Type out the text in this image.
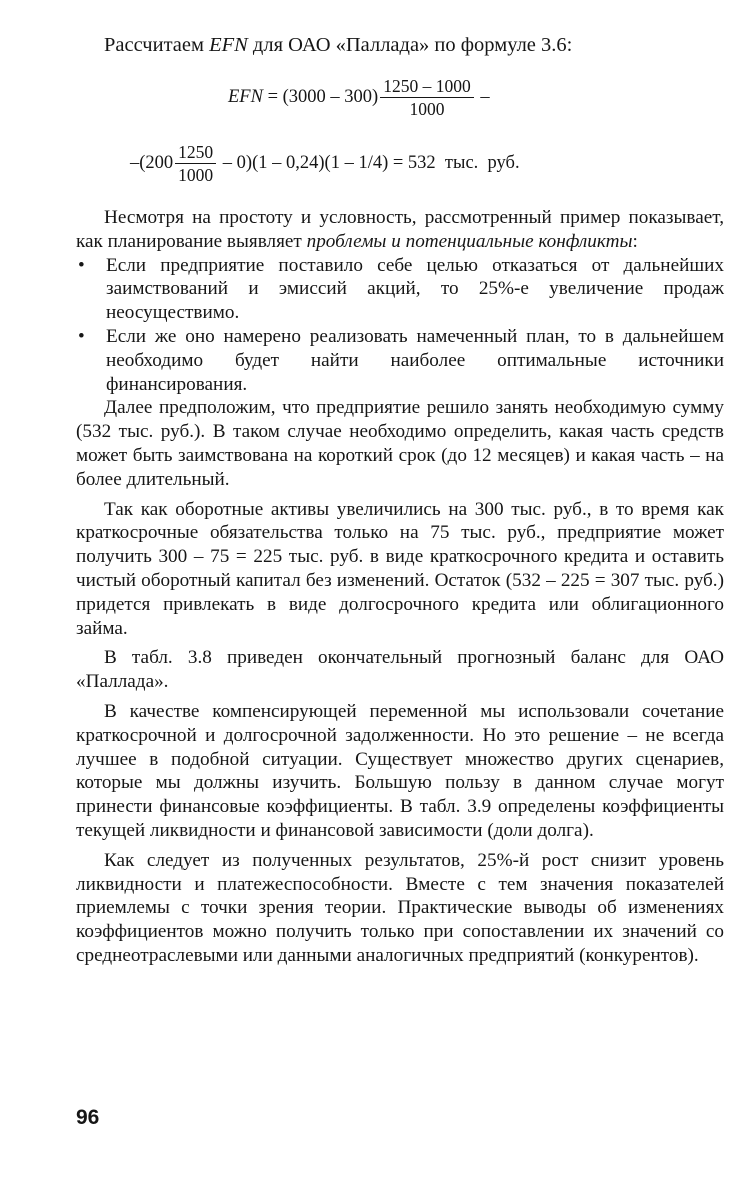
Рассчитаем EFN для ОАО «Паллада» по формуле 3.6:
EFN = $(3000 - 300) \frac{1250 - 1000}{1000}$ –
$-(200 \frac{1250}{1000} - 0)(1 - 0,24)(1 - 1/4) = 532$  тыс.  руб.

Несмотря на простоту и условность, рассмотренный пример показывает, как планирование выявляет проблемы и потенциальные конфликты:

• Если предприятие поставило себе целью отказаться от дальнейших заимствований и эмиссий акций, то 25%-е увеличение продаж неосуществимо.

• Если же оно намерено реализовать намеченный план, то в дальнейшем необходимо будет найти наиболее оптимальные источники финансирования.

Далее предположим, что предприятие решило занять необходимую сумму (532 тыс. руб.). В таком случае необходимо определить, какая часть средств может быть заимствована на короткий срок (до 12 месяцев) и какая часть – на более длительный.

Так как оборотные активы увеличились на 300 тыс. руб., в то время как краткосрочные обязательства только на 75 тыс. руб., предприятие может получить 300 – 75 = 225 тыс. руб. в виде краткосрочного кредита и оставить чистый оборотный капитал без изменений. Остаток (532 – 225 = 307 тыс. руб.) придется привлекать в виде долгосрочного кредита или облигационного займа.

В табл. 3.8 приведен окончательный прогнозный баланс для ОАО «Паллада».

В качестве компенсирующей переменной мы использовали сочетание краткосрочной и долгосрочной задолженности. Но это решение – не всегда лучшее в подобной ситуации. Существует множество других сценариев, которые мы должны изучить. Большую пользу в данном случае могут принести финансовые коэффициенты. В табл. 3.9 определены коэффициенты текущей ликвидности и финансовой зависимости (доли долга).

Как следует из полученных результатов, 25%-й рост снизит уровень ликвидности и платежеспособности. Вместе с тем значения показателей приемлемы с точки зрения теории. Практические выводы об изменениях коэффициентов можно получить только при сопоставлении их значений со среднеотраслевыми или данными аналогичных предприятий (конкурентов).

96
